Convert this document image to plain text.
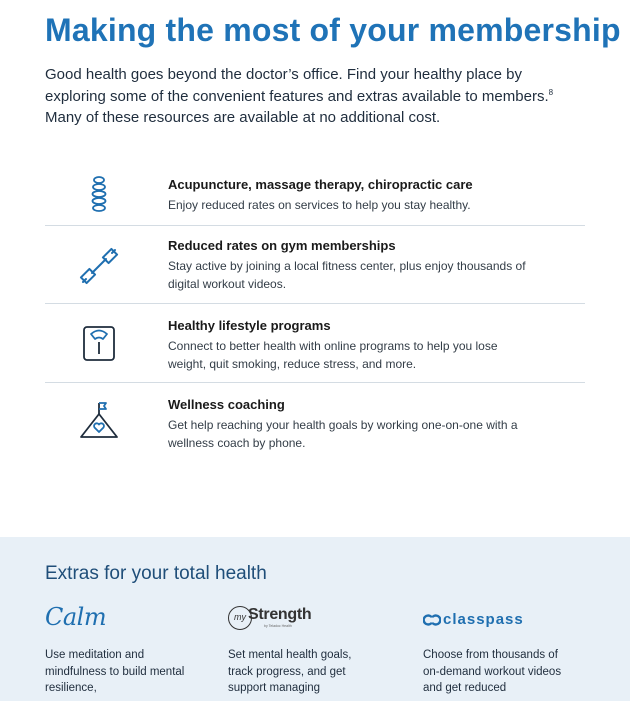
Making the most of your membership
Good health goes beyond the doctor’s office. Find your healthy place by exploring some of the convenient features and extras available to members.$^8$ Many of these resources are available at no additional cost.
Acupuncture, massage therapy, chiropractic care
Enjoy reduced rates on services to help you stay healthy.
Reduced rates on gym memberships
Stay active by joining a local fitness center, plus enjoy thousands of digital workout videos.
Healthy lifestyle programs
Connect to better health with online programs to help you lose weight, quit smoking, reduce stress, and more.
Wellness coaching
Get help reaching your health goals by working one-on-one with a wellness coach by phone.
Extras for your total health
Calm
Use meditation and mindfulness to build mental resilience,
my Strength
by Teladoc Health
Set mental health goals, track progress, and get support managing
classpass
Choose from thousands of on-demand workout videos and get reduced
